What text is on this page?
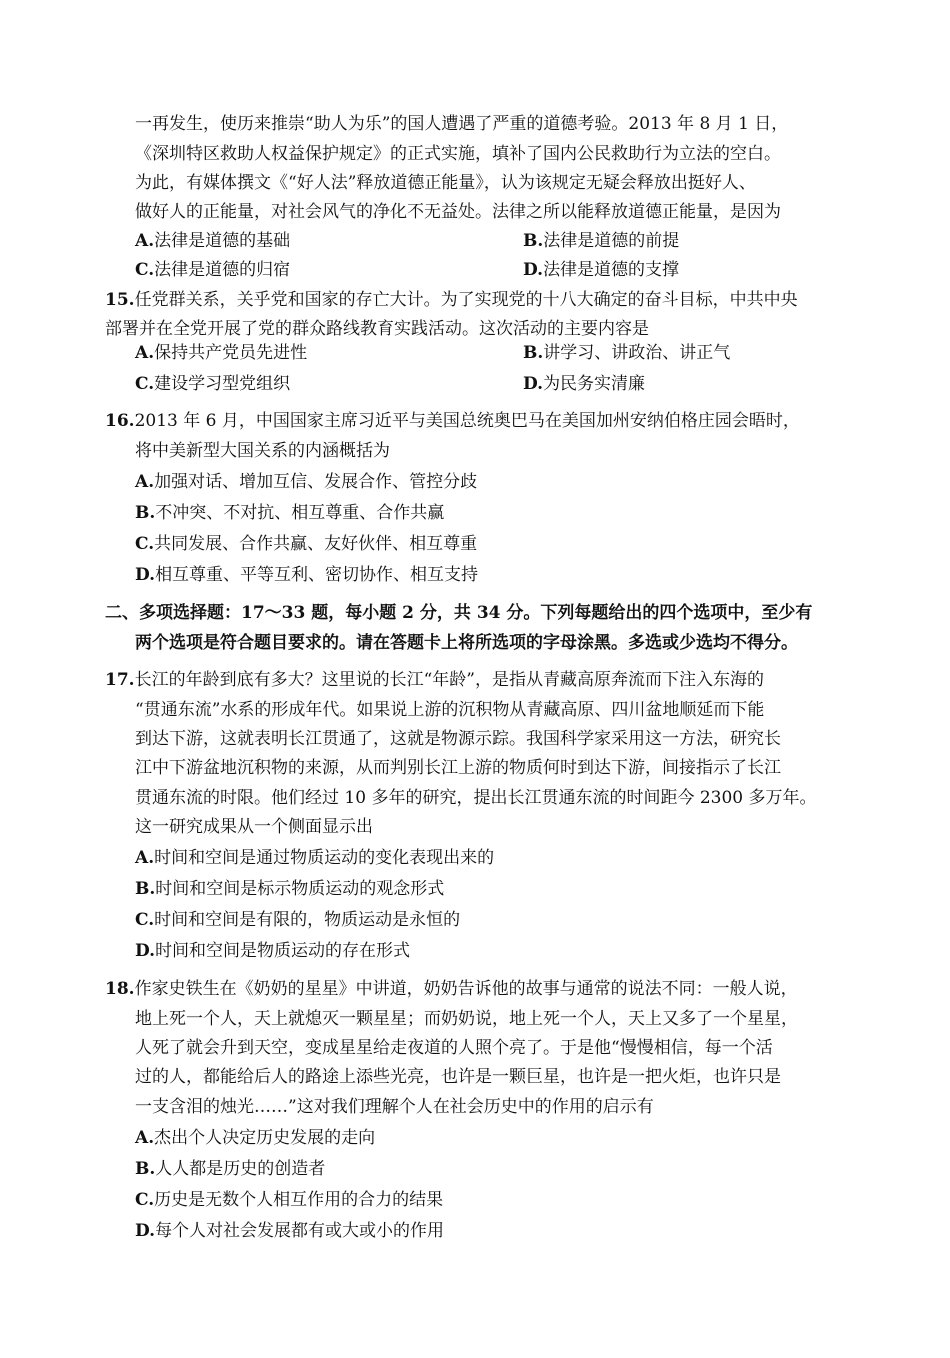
一再发生，使历来推崇“助人为乐”的国人遭遇了严重的道德考验。2013 年 8 月 1 日，
《深圳特区救助人权益保护规定》的正式实施，填补了国内公民救助行为立法的空白。
为此，有媒体撰文《“好人法”释放道德正能量》，认为该规定无疑会释放出挺好人、
做好人的正能量，对社会风气的净化不无益处。法律之所以能释放道德正能量，是因为
A.法律是道德的基础	B.法律是道德的前提
C.法律是道德的归宿	D.法律是道德的支撑
15.任党群关系，关乎党和国家的存亡大计。为了实现党的十八大确定的奋斗目标，中共中央
部署并在全党开展了党的群众路线教育实践活动。这次活动的主要内容是
A.保持共产党员先进性	B.讲学习、讲政治、讲正气
C.建设学习型党组织	D.为民务实清廉
16.2013 年 6 月，中国国家主席习近平与美国总统奥巴马在美国加州安纳伯格庄园会晤时，
将中美新型大国关系的内涵概括为
A.加强对话、增加互信、发展合作、管控分歧
B.不冲突、不对抗、相互尊重、合作共赢
C.共同发展、合作共赢、友好伙伴、相互尊重
D.相互尊重、平等互利、密切协作、相互支持
二、多项选择题：17〜33 题，每小题 2 分，共 34 分。下列每题给出的四个选项中，至少有
两个选项是符合题目要求的。请在答题卡上将所选项的字母涂黑。多选或少选均不得分。
17.长江的年龄到底有多大？这里说的长江“年龄”，是指从青藏高原奔流而下注入东海的
“贯通东流”水系的形成年代。如果说上游的沉积物从青藏高原、四川盆地顺延而下能
到达下游，这就表明长江贯通了，这就是物源示踪。我国科学家采用这一方法，研究长
江中下游盆地沉积物的来源，从而判别长江上游的物质何时到达下游，间接指示了长江
贯通东流的时限。他们经过 10 多年的研究，提出长江贯通东流的时间距今 2300 多万年。
这一研究成果从一个侧面显示出
A.时间和空间是通过物质运动的变化表现出来的
B.时间和空间是标示物质运动的观念形式
C.时间和空间是有限的，物质运动是永恒的
D.时间和空间是物质运动的存在形式
18.作家史铁生在《奶奶的星星》中讲道，奶奶告诉他的故事与通常的说法不同：一般人说，
地上死一个人，天上就熄灭一颗星星；而奶奶说，地上死一个人，天上又多了一个星星，
人死了就会升到天空，变成星星给走夜道的人照个亮了。于是他“慢慢相信，每一个活
过的人，都能给后人的路途上添些光亮，也许是一颗巨星，也许是一把火炬，也许只是
一支含泪的烛光……”这对我们理解个人在社会历史中的作用的启示有
A.杰出个人决定历史发展的走向
B.人人都是历史的创造者
C.历史是无数个人相互作用的合力的结果
D.每个人对社会发展都有或大或小的作用
